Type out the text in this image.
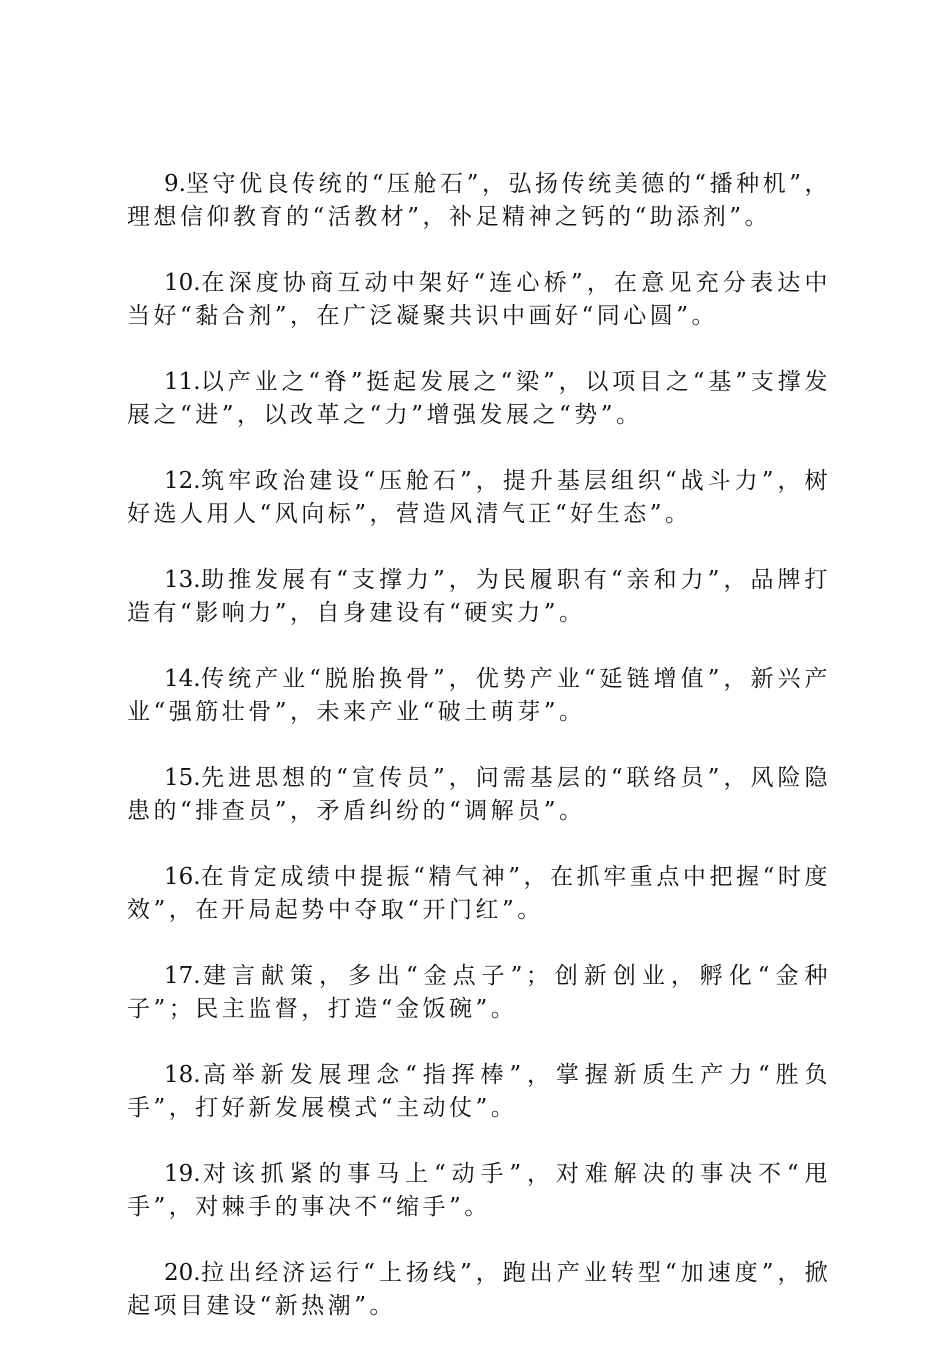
9.坚守优良传统的“压舱石”，弘扬传统美德的“播种机”，理想信仰教育的“活教材”，补足精神之钙的“助添剂”。

10.在深度协商互动中架好“连心桥”，在意见充分表达中当好“黏合剂”，在广泛凝聚共识中画好“同心圆”。

11.以产业之“脊”挺起发展之“梁”，以项目之“基”支撑发展之“进”，以改革之“力”增强发展之“势”。

12.筑牢政治建设“压舱石”，提升基层组织“战斗力”，树好选人用人“风向标”，营造风清气正“好生态”。

13.助推发展有“支撑力”，为民履职有“亲和力”，品牌打造有“影响力”，自身建设有“硬实力”。

14.传统产业“脱胎换骨”，优势产业“延链增值”，新兴产业“强筋壮骨”，未来产业“破土萌芽”。

15.先进思想的“宣传员”，问需基层的“联络员”，风险隐患的“排查员”，矛盾纠纷的“调解员”。

16.在肯定成绩中提振“精气神”，在抓牢重点中把握“时度效”，在开局起势中夺取“开门红”。

17.建言献策，多出“金点子”；创新创业，孵化“金种子”；民主监督，打造“金饭碗”。

18.高举新发展理念“指挥棒”，掌握新质生产力“胜负手”，打好新发展模式“主动仗”。

19.对该抓紧的事马上“动手”，对难解决的事决不“甩手”，对棘手的事决不“缩手”。

20.拉出经济运行“上扬线”，跑出产业转型“加速度”，掀起项目建设“新热潮”。
